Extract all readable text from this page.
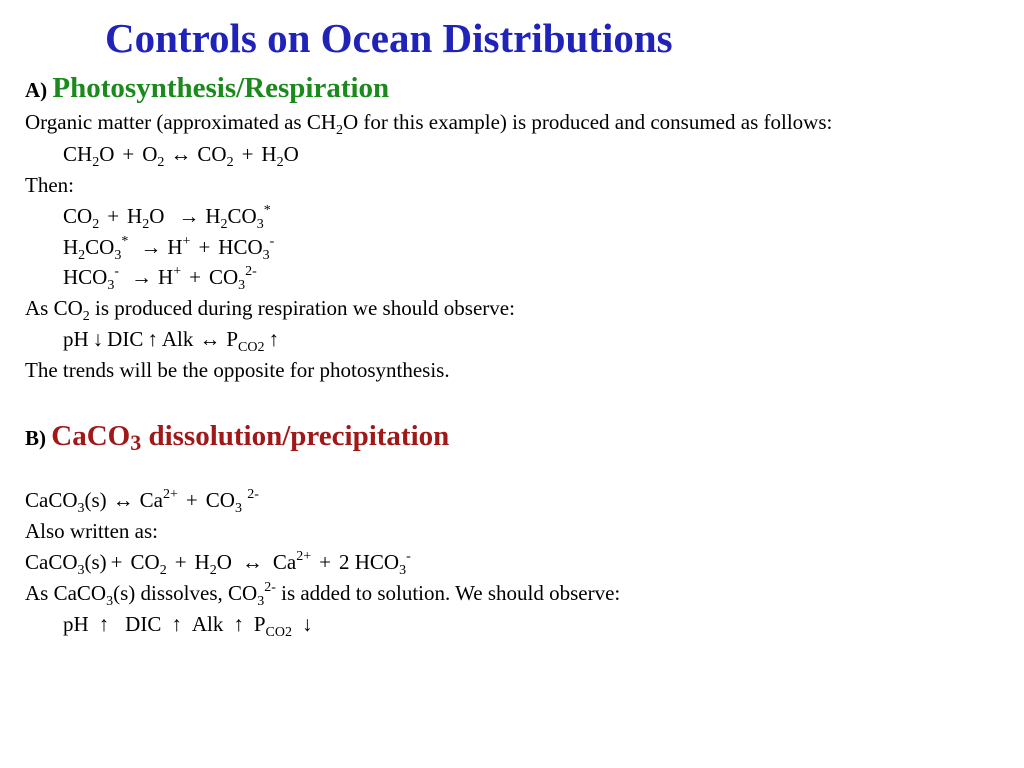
Controls on Ocean Distributions
A) Photosynthesis/Respiration
Organic matter (approximated as $CH_2O$ for this example) is produced and consumed as follows:
$CH_2O + O_2$ ↔ $CO_2 + H_2O$
Then:
$CO_2 + H_2O \to H_2CO_3^*$
$H_2CO_3^* \to H^+ + HCO_3^-$
$HCO_3^- \to H^+ + CO_3^{2-}$
As $CO_2$ is produced during respiration we should observe:
pH ↓ DIC ↑ Alk ↔ $P_{CO2}$ ↑
The trends will be the opposite for photosynthesis.
B) CaCO$_3$ dissolution/precipitation
CaCO$_3$(s) ↔ $Ca^{2+} + CO_3$ $^{2-}$
Also written as:
CaCO$_3$(s) + $CO_2 + H_2O$ ↔ $Ca^{2+} + 2$ $HCO_3^-$
As CaCO$_3$(s) dissolves, $CO_3^{2-}$ is added to solution. We should observe:
pH ↑ DIC ↑ Alk ↑ $P_{CO2}$ ↓
